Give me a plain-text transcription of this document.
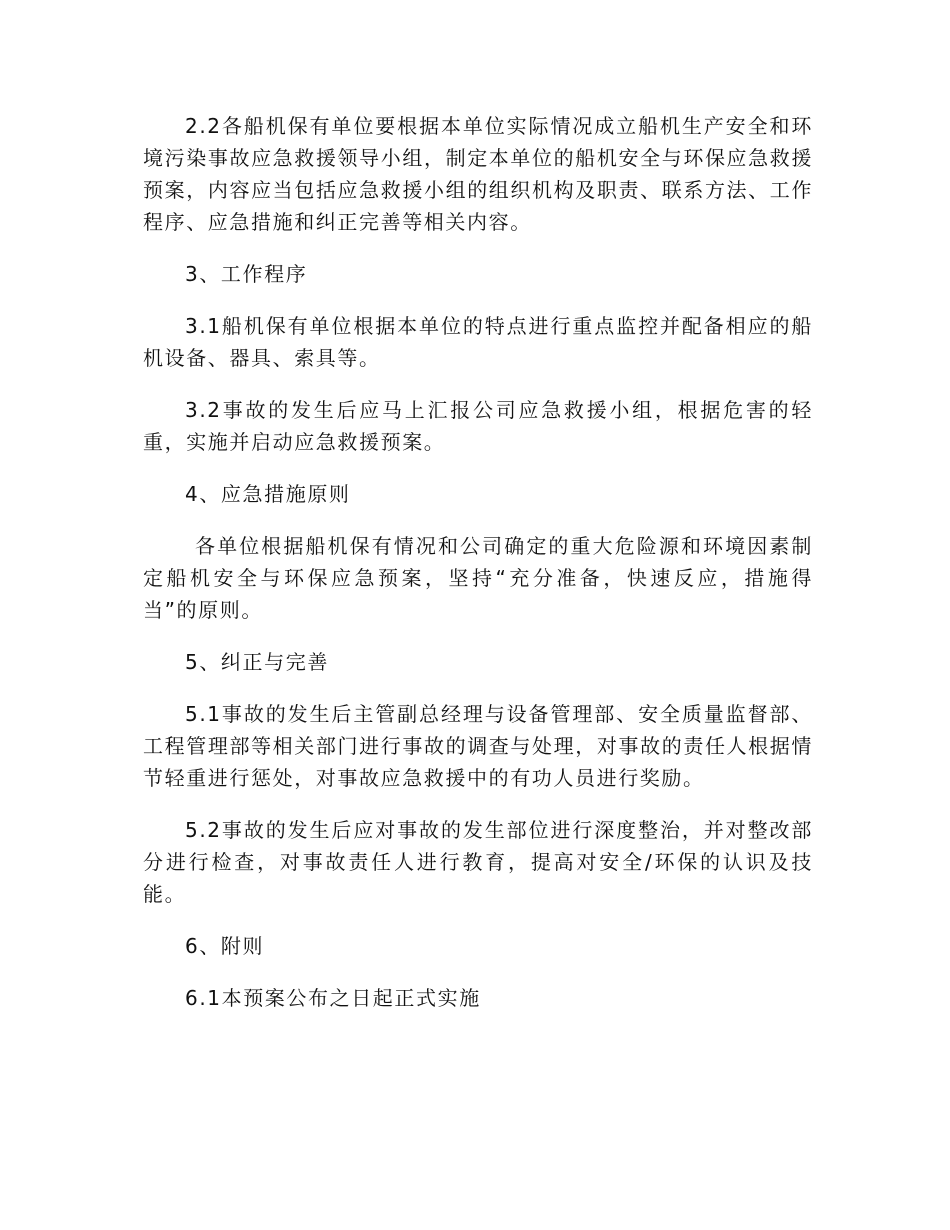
2.2各船机保有单位要根据本单位实际情况成立船机生产安全和环境污染事故应急救援领导小组，制定本单位的船机安全与环保应急救援预案，内容应当包括应急救援小组的组织机构及职责、联系方法、工作程序、应急措施和纠正完善等相关内容。

3、工作程序

3.1船机保有单位根据本单位的特点进行重点监控并配备相应的船机设备、器具、索具等。

3.2事故的发生后应马上汇报公司应急救援小组，根据危害的轻重，实施并启动应急救援预案。

4、应急措施原则

各单位根据船机保有情况和公司确定的重大危险源和环境因素制定船机安全与环保应急预案，坚持“充分准备，快速反应，措施得当”的原则。

5、纠正与完善

5.1事故的发生后主管副总经理与设备管理部、安全质量监督部、工程管理部等相关部门进行事故的调查与处理，对事故的责任人根据情节轻重进行惩处，对事故应急救援中的有功人员进行奖励。

5.2事故的发生后应对事故的发生部位进行深度整治，并对整改部分进行检查，对事故责任人进行教育，提高对安全/环保的认识及技能。

6、附则

6.1本预案公布之日起正式实施
